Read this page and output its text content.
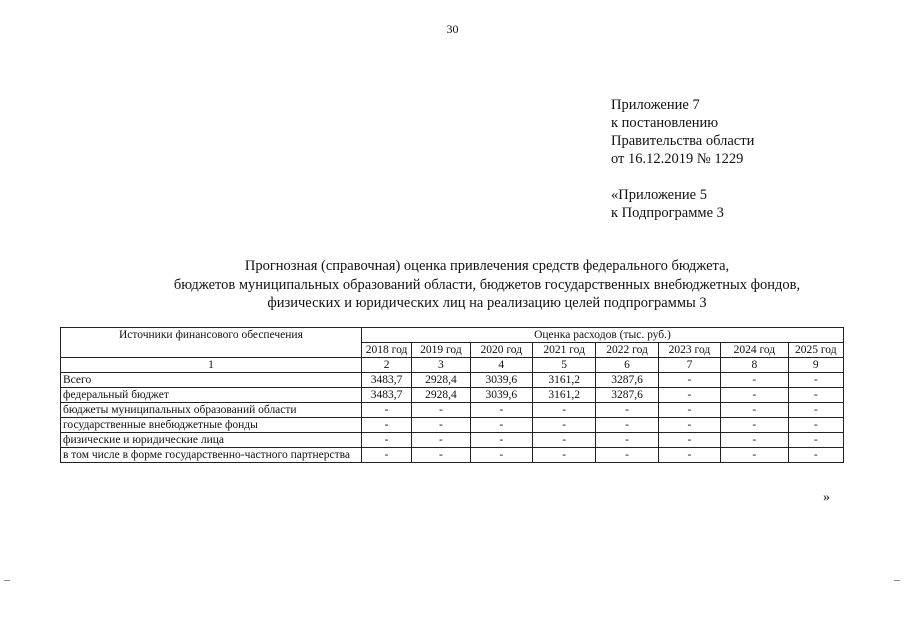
30
Приложение 7
к постановлению
Правительства области
от 16.12.2019 № 1229
«Приложение 5
к Подпрограмме 3
Прогнозная (справочная) оценка привлечения средств федерального бюджета,
бюджетов муниципальных образований области, бюджетов государственных внебюджетных фондов,
физических и юридических лиц на реализацию целей подпрограммы 3
Источники финансового обеспечения	Оценка расходов (тыс. руб.)							
	2018 год	2019 год	2020 год	2021 год	2022 год	2023 год	2024 год	2025 год
1	2	3	4	5	6	7	8	9
Всего	3483,7	2928,4	3039,6	3161,2	3287,6	-	-	-
федеральный бюджет	3483,7	2928,4	3039,6	3161,2	3287,6	-	-	-
бюджеты муниципальных образований области	-	-	-	-	-	-	-	-
государственные внебюджетные фонды	-	-	-	-	-	-	-	-
физические и юридические лица	-	-	-	-	-	-	-	-
в том числе в форме государственно-частного партнерства	-	-	-	-	-	-	-	-
»
